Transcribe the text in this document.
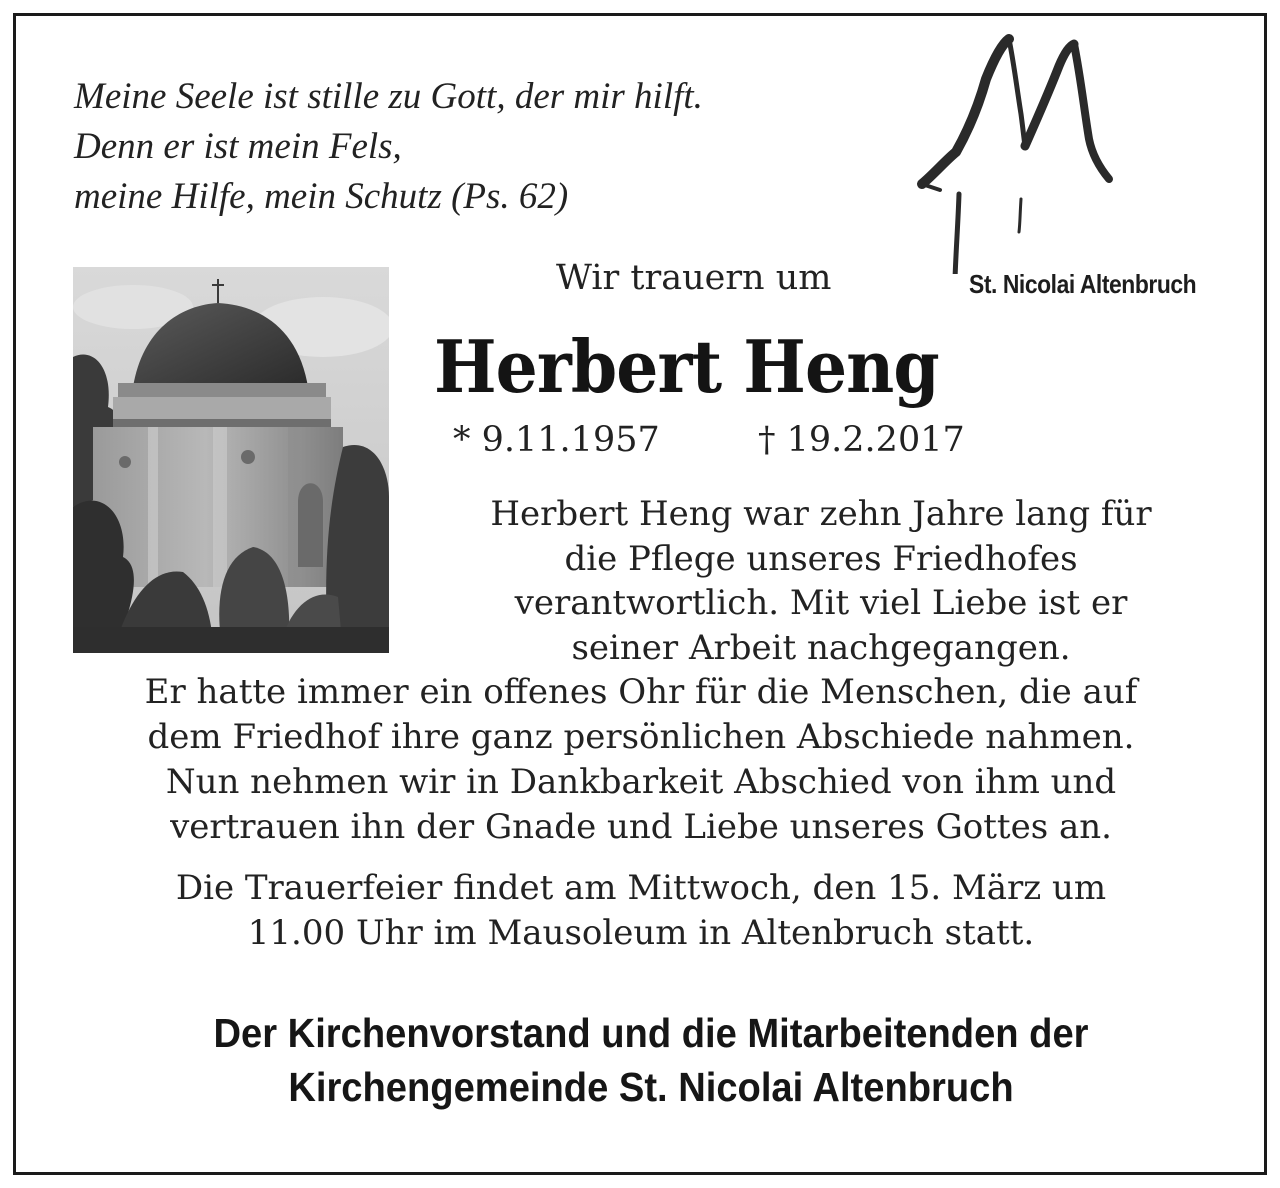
Meine Seele ist stille zu Gott, der mir hilft.
Denn er ist mein Fels,
meine Hilfe, mein Schutz (Ps. 62)
St. Nicolai Altenbruch
Wir trauern um
Herbert Heng
* 9.11.1957	† 19.2.2017
Herbert Heng war zehn Jahre lang für
die Pflege unseres Friedhofes
verantwortlich. Mit viel Liebe ist er
seiner Arbeit nachgegangen.
Er hatte immer ein offenes Ohr für die Menschen, die auf
dem Friedhof ihre ganz persönlichen Abschiede nahmen.
Nun nehmen wir in Dankbarkeit Abschied von ihm und
vertrauen ihn der Gnade und Liebe unseres Gottes an.
Die Trauerfeier findet am Mittwoch, den 15. März um
11.00 Uhr im Mausoleum in Altenbruch statt.
Der Kirchenvorstand und die Mitarbeitenden der
Kirchengemeinde St. Nicolai Altenbruch
